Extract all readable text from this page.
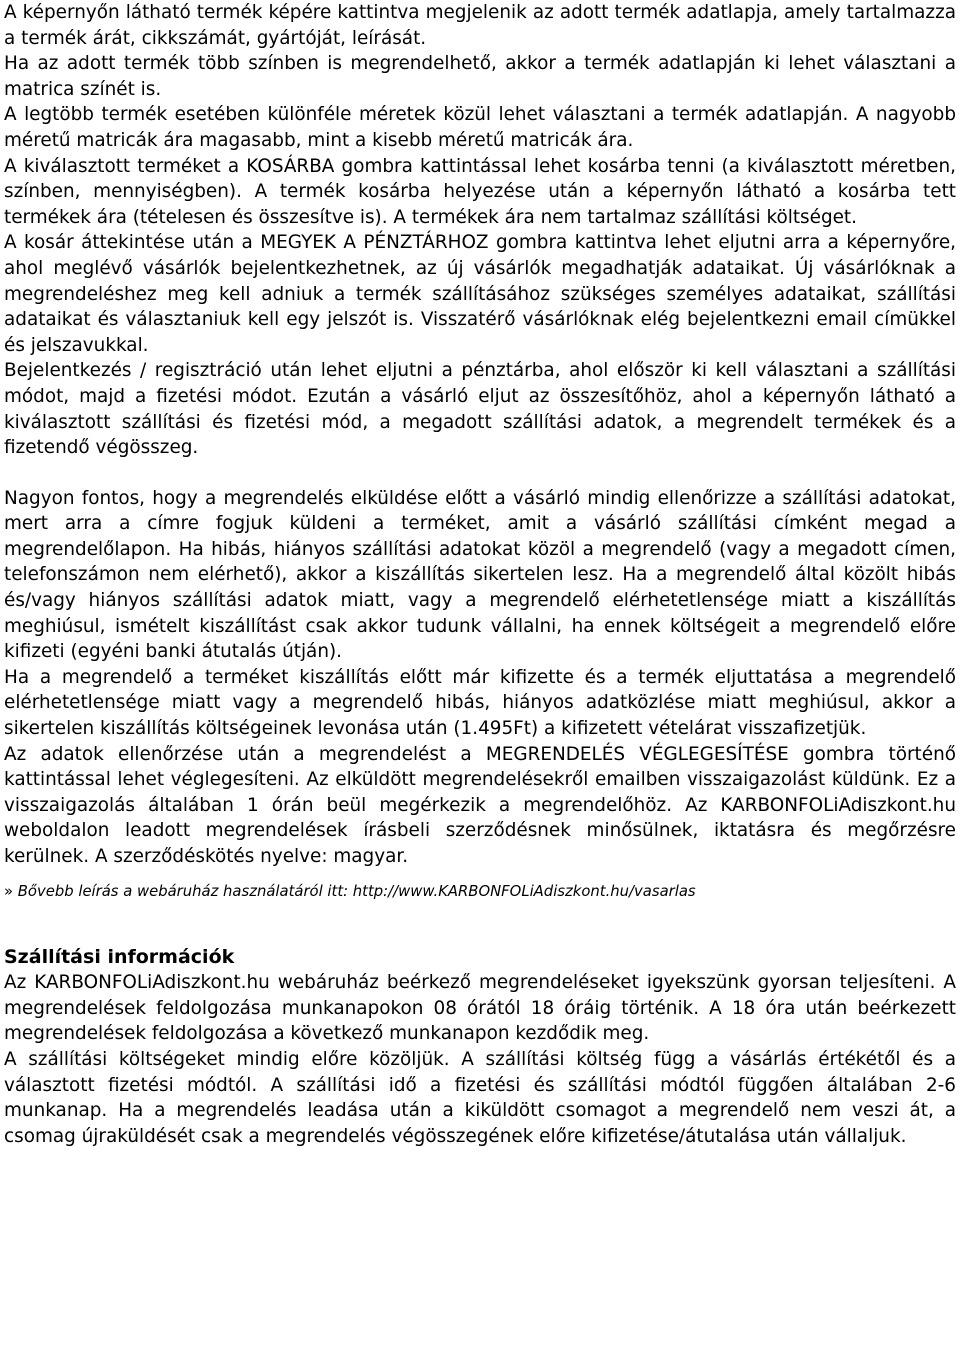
A képernyőn látható termék képére kattintva megjelenik az adott termék adatlapja, amely tartalmazza a termék árát, cikkszámát, gyártóját, leírását.

Ha az adott termék több színben is megrendelhető, akkor a termék adatlapján ki lehet választani a matrica színét is.

A legtöbb termék esetében különféle méretek közül lehet választani a termék adatlapján. A nagyobb méretű matricák ára magasabb, mint a kisebb méretű matricák ára.

A kiválasztott terméket a KOSÁRBA gombra kattintással lehet kosárba tenni (a kiválasztott méretben, színben, mennyiségben). A termék kosárba helyezése után a képernyőn látható a kosárba tett termékek ára (tételesen és összesítve is). A termékek ára nem tartalmaz szállítási költséget.

A kosár áttekintése után a MEGYEK A PÉNZTÁRHOZ gombra kattintva lehet eljutni arra a képernyőre, ahol meglévő vásárlók bejelentkezhetnek, az új vásárlók megadhatják adataikat. Új vásárlóknak a megrendeléshez meg kell adniuk a termék szállításához szükséges személyes adataikat, szállítási adataikat és választaniuk kell egy jelszót is. Visszatérő vásárlóknak elég bejelentkezni email címükkel és jelszavukkal.

Bejelentkezés / regisztráció után lehet eljutni a pénztárba, ahol először ki kell választani a szállítási módot, majd a fizetési módot. Ezután a vásárló eljut az összesítőhöz, ahol a képernyőn látható a kiválasztott szállítási és fizetési mód, a megadott szállítási adatok, a megrendelt termékek és a fizetendő végösszeg.

Nagyon fontos, hogy a megrendelés elküldése előtt a vásárló mindig ellenőrizze a szállítási adatokat, mert arra a címre fogjuk küldeni a terméket, amit a vásárló szállítási címként megad a megrendelőlapon. Ha hibás, hiányos szállítási adatokat közöl a megrendelő (vagy a megadott címen, telefonszámon nem elérhető), akkor a kiszállítás sikertelen lesz. Ha a megrendelő által közölt hibás és/vagy hiányos szállítási adatok miatt, vagy a megrendelő elérhetetlensége miatt a kiszállítás meghiúsul, ismételt kiszállítást csak akkor tudunk vállalni, ha ennek költségeit a megrendelő előre kifizeti (egyéni banki átutalás útján).

Ha a megrendelő a terméket kiszállítás előtt már kifizette és a termék eljuttatása a megrendelő elérhetetlensége miatt vagy a megrendelő hibás, hiányos adatközlése miatt meghiúsul, akkor a sikertelen kiszállítás költségeinek levonása után (1.495Ft) a kifizetett vételárat visszafizetjük.

Az adatok ellenőrzése után a megrendelést a MEGRENDELÉS VÉGLEGESÍTÉSE gombra történő kattintással lehet véglegesíteni. Az elküldött megrendelésekről emailben visszaigazolást küldünk. Ez a visszaigazolás általában 1 órán beül megérkezik a megrendelőhöz. Az KARBONFOLiAdiszkont.hu weboldalon leadott megrendelések írásbeli szerződésnek minősülnek, iktatásra és megőrzésre kerülnek. A szerződéskötés nyelve: magyar.

» Bővebb leírás a webáruház használatáról itt: http://www.KARBONFOLiAdiszkont.hu/vasarlas

Szállítási információk

Az KARBONFOLiAdiszkont.hu webáruház beérkező megrendeléseket igyekszünk gyorsan teljesíteni. A megrendelések feldolgozása munkanapokon 08 órától 18 óráig történik. A 18 óra után beérkezett megrendelések feldolgozása a következő munkanapon kezdődik meg.

A szállítási költségeket mindig előre közöljük. A szállítási költség függ a vásárlás értékétől és a választott fizetési módtól. A szállítási idő a fizetési és szállítási módtól függően általában 2-6 munkanap. Ha a megrendelés leadása után a kiküldött csomagot a megrendelő nem veszi át, a csomag újraküldését csak a megrendelés végösszegének előre kifizetése/átutalása után vállaljuk.
